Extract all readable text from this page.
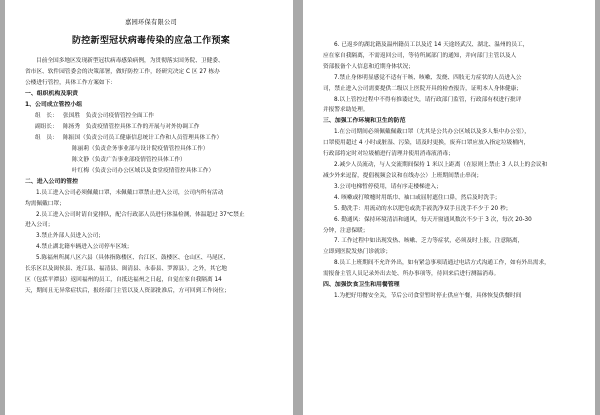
嘉园环保有限公司
防控新型冠状病毒传染的应急工作预案

目前全国多地区发现新型冠状病毒感染病例，为贯彻落实国务院、卫健委、

省市区、软件园管委会的决策部署，做好防控工作，经研究决定 C 区 27 栋办

公楼进行管控，具体工作方案如下：

一、组织机构及职责
1、公司成立管控小组
组　长： 张国胜　负责公司疫情管控全面工作
副组长： 陈扬秀　负责疫情管控具体工作的开展与对外协调工作
组　员： 陈振国（负责公司员工健康信息统计工作和人员管理具体工作）
陈丽莉（负责企务事业部与设计院疫情管控具体工作）
陈文静（负责广告事业部疫情管控具体工作）
叶红梅（负责公司办公区域以及食堂疫情管控具体工作）
二、进入公司的管控

1.员工进入公司必须佩戴口罩，未佩戴口罩禁止进入公司，公司内所有活动

均需佩戴口罩；

2.员工进入公司时请自觉排队，配合行政部人员进行体温检测，体温超过 37℃禁止

进入公司；

3.禁止外部人员进入公司；

4.禁止湖北籍车辆进入公司停车区域；

5.陈福州所属八区六县（具体指陈楼区、台江区、鼓楼区、仓山区、马尾区、

长乐区以及闽侯县、连江县、福清县、闽清县、永泰县、罗源县），之外，其它地

区（包括平潭县）返回福州的员工，自抵达福州之日起，自觉在家自我隔离 14

天，期间且无异常症状后，报经部门主管以及人资部批准后，方可回到工作岗位；

6. 已返乡的湖北籍及温州籍员工以及近 14 天途经武汉、湖北、温州的员工，

应在家自我隔离，不需返回公司，等待所属部门的通知，并向部门主管以及人

资部报备个人信息和近期身体状况；

7.禁止身体明显感觉不适有干咳、咳嗽、发烧、四肢无力症状的人员进入公

司，禁止进入公司需要提供二级以上医院开具的检查报告，证明本人身体健康；

8.以上管控过程中不得有推诿过失，请行政部门监管，行政部有权进行批评

并报警求助处理。

三、加强工作环境和卫生的防范

1.在公司期间必须佩戴佩戴口罩（尤其是公共办公区域以及多人集中办公室），

口罩使用超过 4 小时或脏湿、污染，请及时更换，废弃口罩应放入指定垃圾桶内，

行政部将定时对垃圾桶进行清理并使用消毒液消毒；

2.减少人员流动，与人交流期间保持 1 米以上距离（在原则上禁止 3 人以上的会议和

减少外来逗留，提倡视频会议和在线办公）上班期间禁止串岗；

3.公司电梯暂停使用，请有序走楼梯进入；

4. 咳嗽或打喷嚏时用纸巾、袖口或屈肘遮住口鼻，然后及时洗手；

5. 勤洗手：用流动的水以肥皂或洗手液洗净双手且洗手不少于 20 秒；

6. 勤通风：保持环境清洁和通风，每天开窗通风数次不少于 3 次，每次 20-30

分钟，注意保暖；

7. 工作过程中如出现发热、咳嗽、乏力等症状，必须及时上报，注意隔离，

立即到医院发热门诊就诊；

8.员工上班期间不允许外出，如有紧急事项请通过电话方式沟通工作，如有外出需求，

需报备主管人员记录外出去处、所办事项等，待回来后进行测温消毒。

四、加强饮食卫生和用餐管理

1.为把好用餐安全关，节后公司食堂暂时停止供应午餐，具体恢复供餐时间
